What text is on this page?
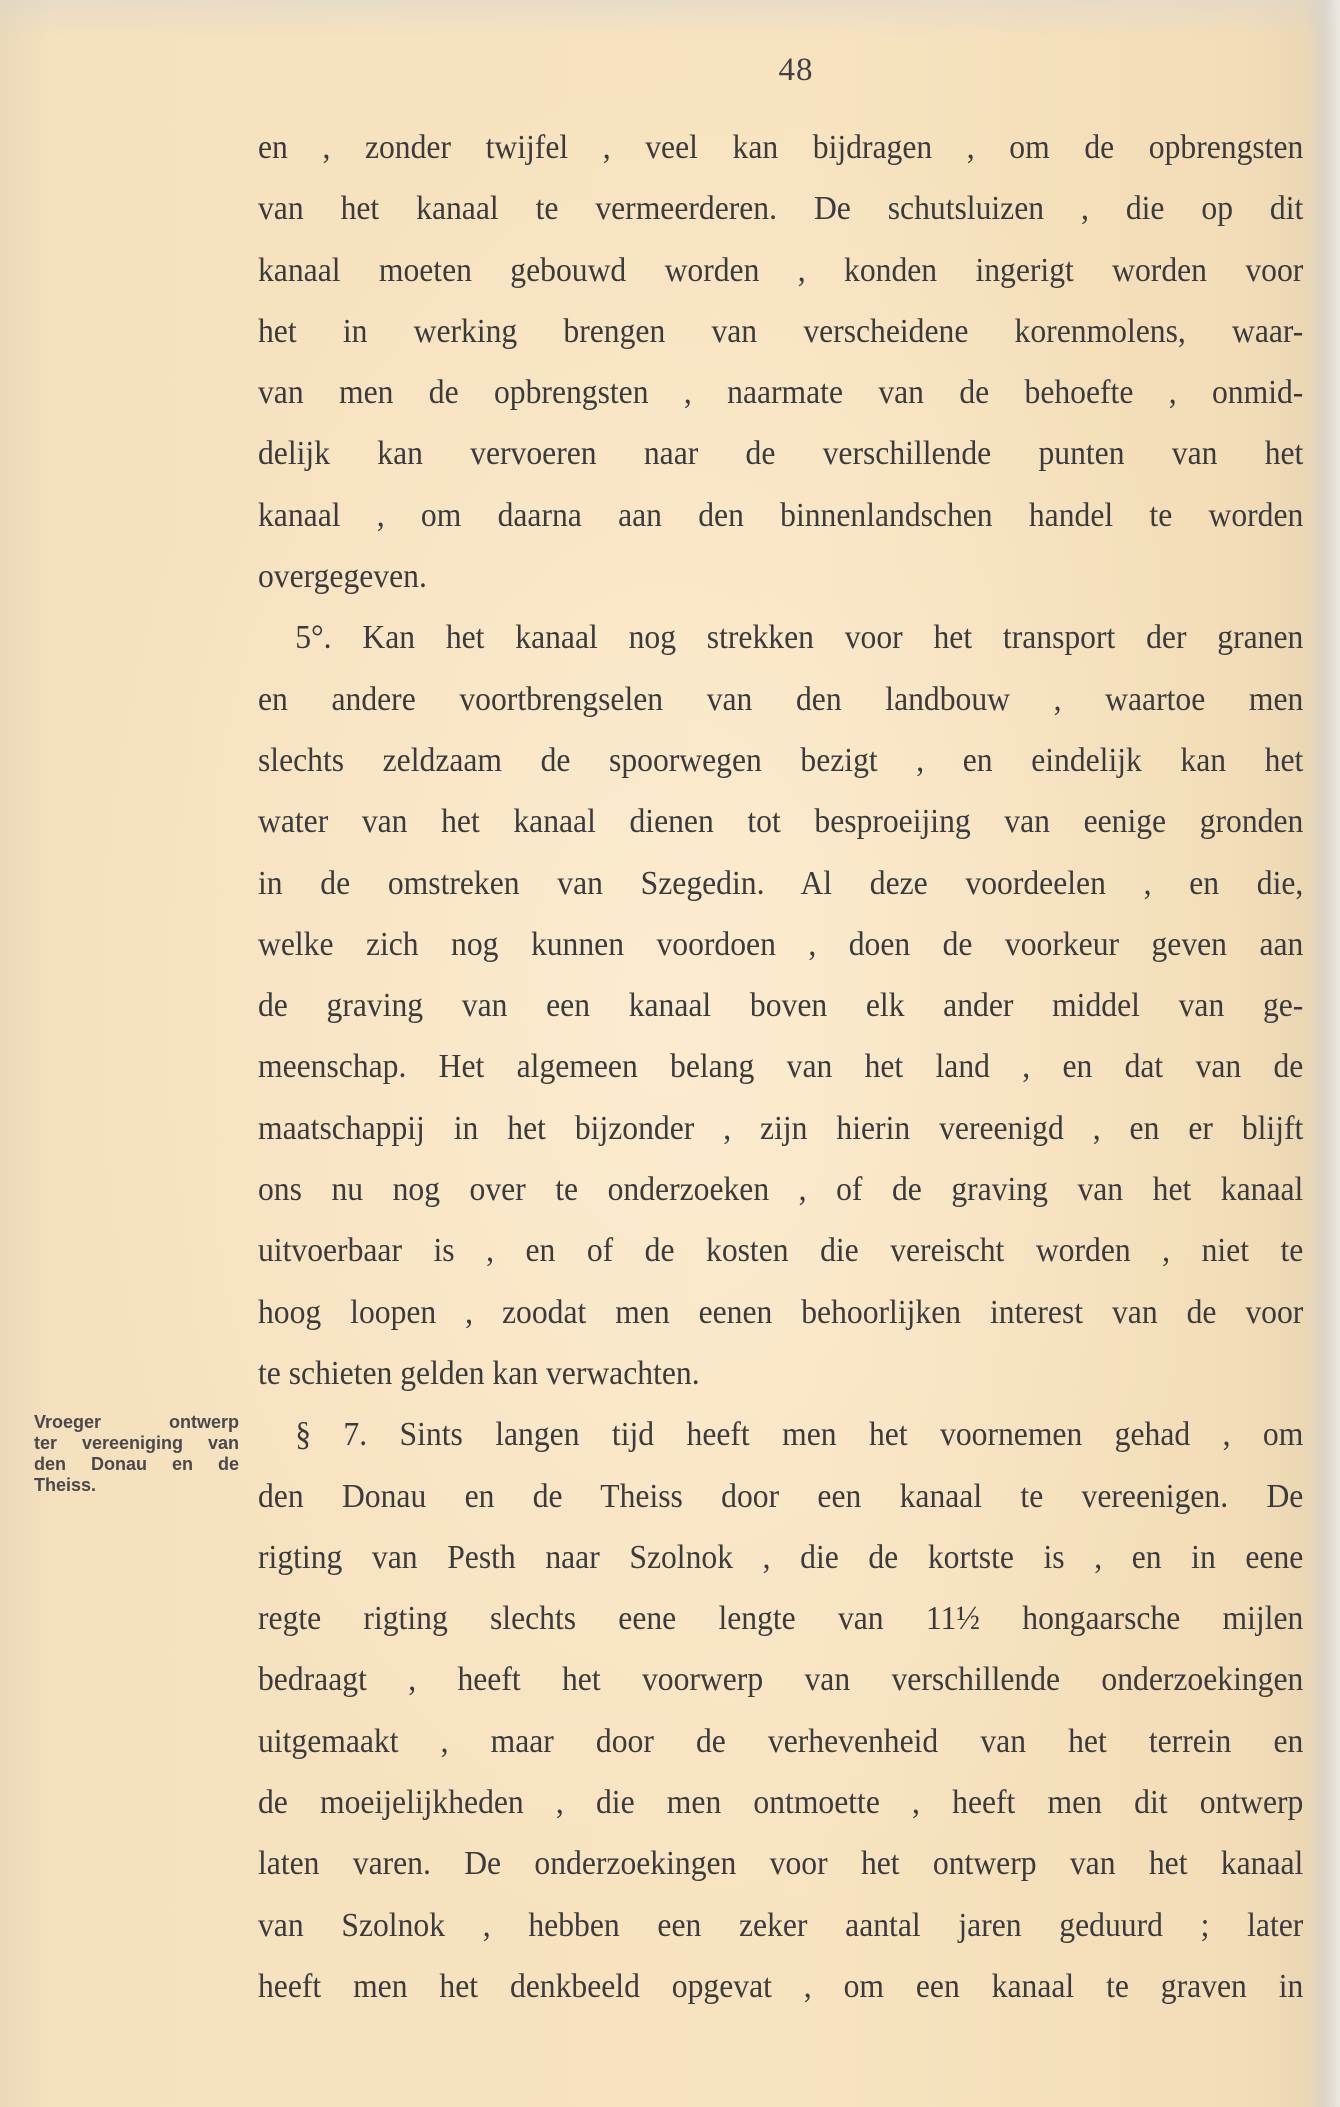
48
en , zonder twijfel , veel kan bijdragen , om de opbrengsten
van het kanaal te vermeerderen. De schutsluizen , die op dit
kanaal moeten gebouwd worden , konden ingerigt worden voor
het in werking brengen van verscheidene korenmolens, waar-
van men de opbrengsten , naarmate van de behoefte , onmid-
delijk kan vervoeren naar de verschillende punten van het
kanaal , om daarna aan den binnenlandschen handel te worden
overgegeven.
5°. Kan het kanaal nog strekken voor het transport der granen
en andere voortbrengselen van den landbouw , waartoe men
slechts zeldzaam de spoorwegen bezigt , en eindelijk kan het
water van het kanaal dienen tot besproeijing van eenige gronden
in de omstreken van Szegedin. Al deze voordeelen , en die,
welke zich nog kunnen voordoen , doen de voorkeur geven aan
de graving van een kanaal boven elk ander middel van ge-
meenschap. Het algemeen belang van het land , en dat van de
maatschappij in het bijzonder , zijn hierin vereenigd , en er blijft
ons nu nog over te onderzoeken , of de graving van het kanaal
uitvoerbaar is , en of de kosten die vereischt worden , niet te
hoog loopen , zoodat men eenen behoorlijken interest van de voor
te schieten gelden kan verwachten.
§ 7. Sints langen tijd heeft men het voornemen gehad , om
den Donau en de Theiss door een kanaal te vereenigen. De
rigting van Pesth naar Szolnok , die de kortste is , en in eene
regte rigting slechts eene lengte van 11½ hongaarsche mijlen
bedraagt , heeft het voorwerp van verschillende onderzoekingen
uitgemaakt , maar door de verhevenheid van het terrein en
de moeijelijkheden , die men ontmoette , heeft men dit ontwerp
laten varen. De onderzoekingen voor het ontwerp van het kanaal
van Szolnok , hebben een zeker aantal jaren geduurd ; later
heeft men het denkbeeld opgevat , om een kanaal te graven in
Vroeger ontwerp
ter vereeniging van
den Donau en de
Theiss.
